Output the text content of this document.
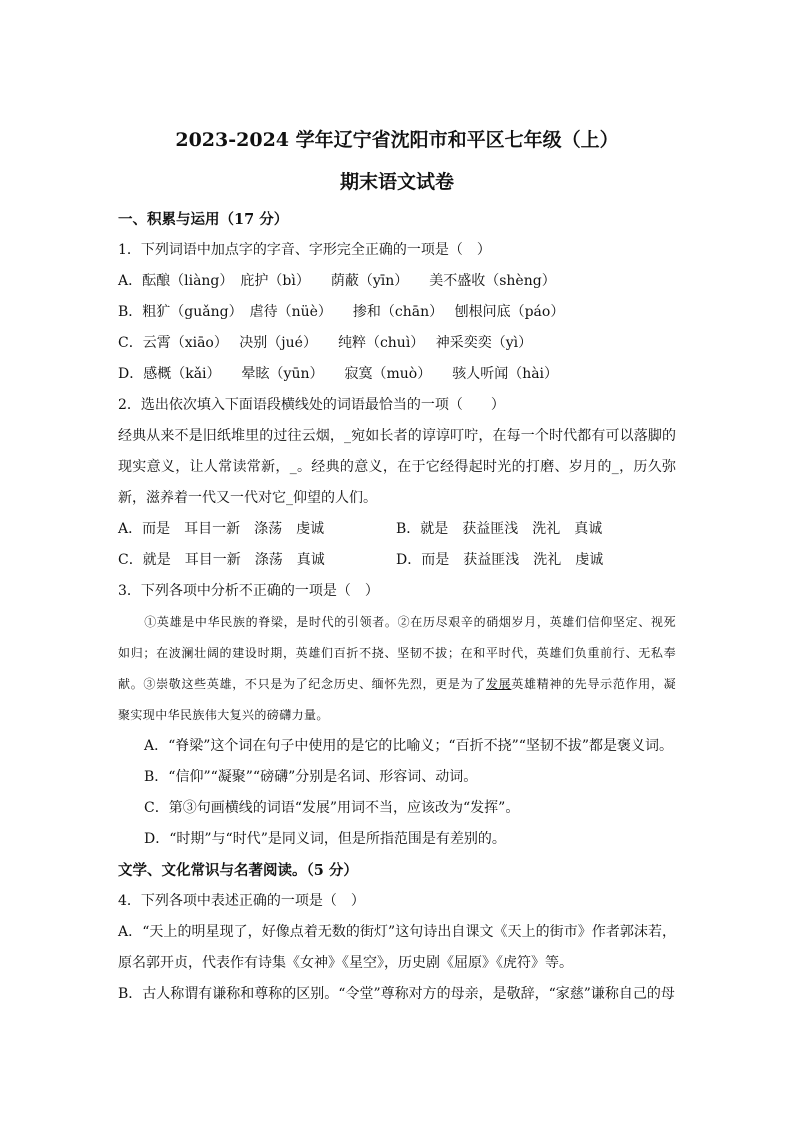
2023-2024 学年辽宁省沈阳市和平区七年级（上）
期末语文试卷
一、积累与运用（17 分）
1．下列词语中加点字的字音、字形完全正确的一项是（　）
A．酝酿（liàng）　庇护（bì）　　荫蔽（yīn）　　美不盛收（shèng）
B．粗犷（guǎng）　虐待（nüè）　　掺和（chān）　 刨根问底（páo）
C．云霄（xiāo）　 决别（jué）　　纯粹（chuì）　 神采奕奕（yì）
D．感概（kǎi）　　晕眩（yūn）　　寂寞（muò）　　骇人听闻（hài）
2．选出依次填入下面语段横线处的词语最恰当的一项（　　）
经典从来不是旧纸堆里的过往云烟，_宛如长者的谆谆叮咛，在每一个时代都有可以落脚的现实意义，让人常读常新，_。经典的意义，在于它经得起时光的打磨、岁月的_，历久弥新，滋养着一代又一代对它_仰望的人们。
A．而是　耳目一新　涤荡　虔诚	B．就是　获益匪浅　洗礼　真诚
C．就是　耳目一新　涤荡　真诚	D．而是　获益匪浅　洗礼　虔诚
3．下列各项中分析不正确的一项是（　）
①英雄是中华民族的脊梁，是时代的引领者。②在历尽艰辛的硝烟岁月，英雄们信仰坚定、视死如归；在波澜壮阔的建设时期，英雄们百折不挠、坚韧不拔；在和平时代，英雄们负重前行、无私奉献。③崇敬这些英雄，不只是为了纪念历史、缅怀先烈，更是为了发展英雄精神的先导示范作用，凝聚实现中华民族伟大复兴的磅礴力量。
A．“脊梁”这个词在句子中使用的是它的比喻义；“百折不挠”“坚韧不拔”都是褒义词。
B．“信仰”“凝聚”“磅礴”分别是名词、形容词、动词。
C．第③句画横线的词语“发展”用词不当，应该改为“发挥”。
D．“时期”与“时代”是同义词，但是所指范围是有差别的。
文学、文化常识与名著阅读。（5 分）
4．下列各项中表述正确的一项是（　）
A．“天上的明星现了，好像点着无数的街灯”这句诗出自课文《天上的街市》作者郭沫若，原名郭开贞，代表作有诗集《女神》《星空》，历史剧《屈原》《虎符》等。
B．古人称谓有谦称和尊称的区别。“令堂”尊称对方的母亲，是敬辞，“家慈”谦称自己的母
